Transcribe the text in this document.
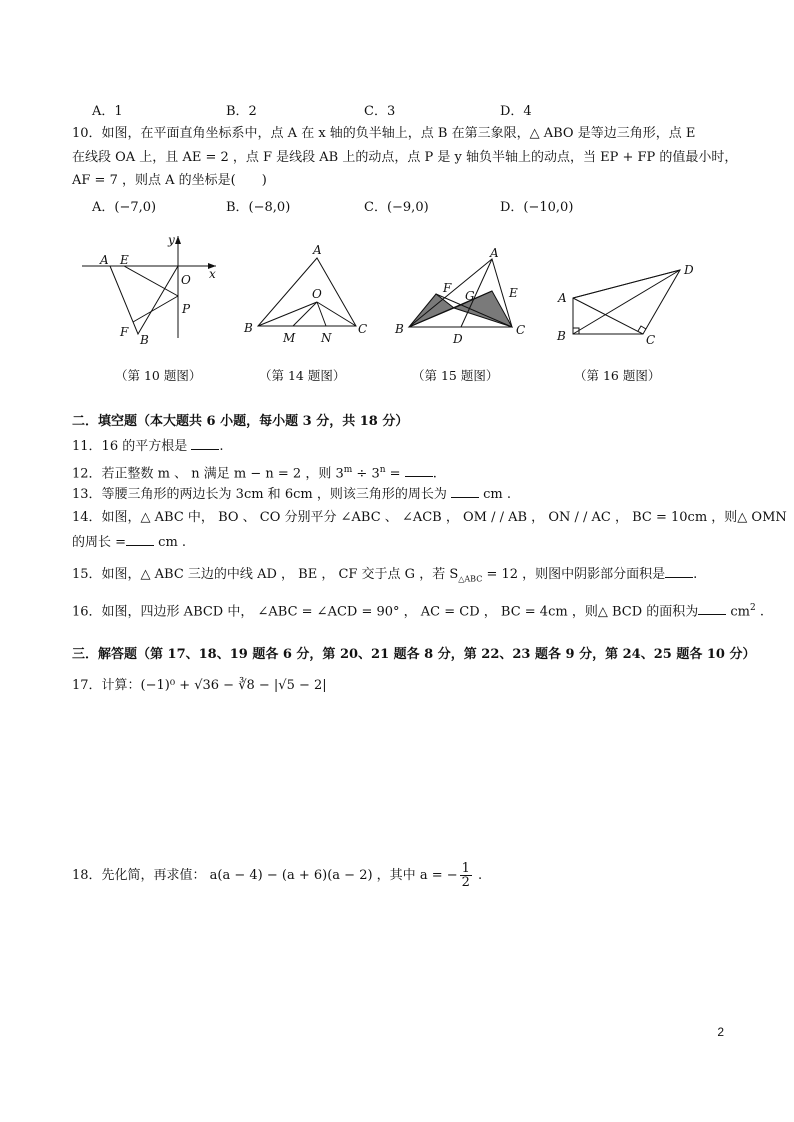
A．1	B．2	C．3	D．4
10．如图，在平面直角坐标系中，点 A 在 x 轴的负半轴上，点 B 在第三象限，△ ABO 是等边三角形，点 E
在线段 OA 上，且 AE = 2 ，点 F 是线段 AB 上的动点，点 P 是 y 轴负半轴上的动点，当 EP + FP 的值最小时，
AF = 7 ，则点 A 的坐标是(　　)
A．(−7,0)	B．(−8,0)	C．(−9,0)	D．(−10,0)
y
x
A E
O
P
F
B
A
O
B	C
M N
A
F
G	E
B
D
C
D
A
B	C
（第 10 题图）	（第 14 题图）	（第 15 题图）	（第 16 题图）
二．填空题（本大题共 6 小题，每小题 3 分，共 18 分）
11．16 的平方根是 .
12．若正整数 m 、 n 满足 m − n = 2 ，则 $3^m \div 3^n$ = .
13．等腰三角形的两边长为 3cm 和 6cm ，则该三角形的周长为  cm .
14．如图，△ ABC 中， BO 、 CO 分别平分 ∠ABC 、 ∠ACB ， OM / / AB ， ON / / AC ， BC = 10cm ，则△ OMN
的周长 = cm .
15．如图，△ ABC 三边的中线 AD ， BE ， CF 交于点 G ，若 $S_{\triangle ABC} = 12$ ，则图中阴影部分面积是 .
16．如图，四边形 ABCD 中， ∠ABC = ∠ACD = 90° ， AC = CD ， BC = 4cm ，则△ BCD 的面积为 $cm^2$ .
三．解答题（第 17、18、19 题各 6 分，第 20、21 题各 8 分，第 22、23 题各 9 分，第 24、25 题各 10 分）
17．计算：(−1)⁰ + √36 − ∛8 − |√5 − 2|
18．先化简，再求值： a(a − 4) − (a + 6)(a − 2) ，其中 a = − $\frac{1}{2}$ .
2
